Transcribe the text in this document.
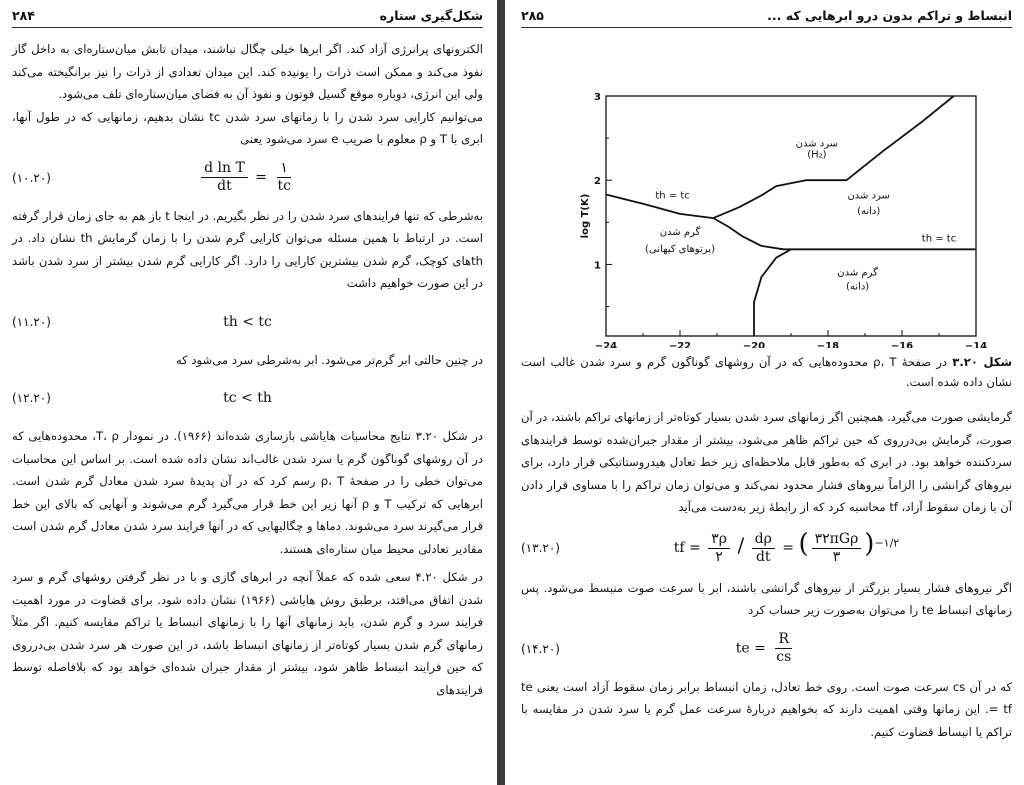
شکل‌گیری ستاره
۲۸۴

الکترونهای پرانرژی آزاد کند. اگر ابرها خیلی چگال نباشند، میدان تابش میان‌ستاره‌ای به داخل گاز نفوذ می‌کند و ممکن است ذرات را یونیده کند. این میدان تعدادی از ذرات را نیز برانگیخته می‌کند ولی این انرژی، دوباره موقع گسیل فوتون و نفوذ آن به فضای میان‌ستاره‌ای تلف می‌شود.

می‌توانیم کارایی سرد شدن را با زمانهای سرد شدن tc نشان بدهیم، زمانهایی که در طول آنها، ابری با T و ρ معلوم با ضریب e سرد می‌شود یعنی

(۱۰.۲۰)	$\frac{\text{d ln T}}{dt} = \frac{۱}{tc}$

به‌شرطی که تنها فرایندهای سرد شدن را در نظر بگیریم. در اینجا t باز هم به جای زمان قرار گرفته است. در ارتباط با همین مسئله می‌توان کارایی گرم شدن را با زمان گرمایش th نشان داد. در th‌های کوچک، گرم شدن بیشترین کارایی را دارد. اگر کارایی گرم شدن بیشتر از سرد شدن باشد در این صورت خواهیم داشت

(۱۱.۲۰)	th < tc

در چنین حالتی ابر گرم‌تر می‌شود. ابر به‌شرطی سرد می‌شود که

(۱۲.۲۰)	tc < th

در شکل ۳.۲۰ نتایج محاسبات هایاشی بازسازی شده‌اند (۱۹۶۶). در نمودار T، ρ، محدوده‌هایی که در آن روشهای گوناگون گرم یا سرد شدن غالب‌اند نشان داده شده است. بر اساس این محاسبات می‌توان خطی را در صفحهٔ ρ، T رسم کرد که در آن پدیدهٔ سرد شدن معادل گرم شدن است. ابرهایی که ترکیب T و ρ آنها زیر این خط قرار می‌گیرد گرم می‌شوند و آنهایی که بالای این خط قرار می‌گیرند سرد می‌شوند. دماها و چگالیهایی که در آنها فرایند سرد شدن معادل گرم شدن است مقادیر تعادلی محیط میان ستاره‌ای هستند.

در شکل ۴.۲۰ سعی شده که عملاً آنچه در ابرهای گازی و با در نظر گرفتن روشهای گرم و سرد شدن اتفاق می‌افتد، برطبق روش هایاشی (۱۹۶۶) نشان داده شود. برای قضاوت در مورد اهمیت فرایند سرد و گرم شدن، باید زمانهای آنها را با زمانهای انبساط یا تراکم مقایسه کنیم. اگر مثلاً زمانهای گرم شدن بسیار کوتاه‌تر از زمانهای انبساط باشد، در این صورت هر سرد شدن بی‌درروی که حین فرایند انبساط ظاهر شود، بیشتر از مقدار جبران شده‌ای خواهد بود که بلافاصله توسط فرایندهای

انبساط و تراکم بدون درو ابرهایی که ...
۲۸۵
−24	−22	−20	−18	−16	−14
1
2
3
log T(K)
سرد شدن
(H₂)
th = tc	سرد شدن
(دانه)
گرم شدن
(پرتوهای کیهانی)
th = tc
گرم شدن
(دانه)

شکل ۳.۲۰ در صفحهٔ ρ، T محدوده‌هایی که در آن روشهای گوناگون گرم و سرد شدن غالب است نشان داده شده است.

گرمایشی صورت می‌گیرد. همچنین اگر زمانهای سرد شدن بسیار کوتاه‌تر از زمانهای تراکم باشند، در آن صورت، گرمایش بی‌درروی که حین تراکم ظاهر می‌شود، بیشتر از مقدار جبران‌شده توسط فرایندهای سردکننده خواهد بود. در ابری که به‌طور قابل ملاحظه‌ای زیر خط تعادل هیدروستاتیکی قرار دارد، برای نیروهای گرانشی را الزاماً نیروهای فشار محدود نمی‌کند و می‌توان زمان تراکم را با مساوی قرار دادن آن با زمان سقوط آزاد، tf محاسبه کرد که از رابطهٔ زیر به‌دست می‌آید

(۱۳.۲۰)	tf = $\frac{۳\rho}{۲} / \frac{d\rho}{dt}$ = ( $\frac{\text{۳۲πGρ}}{۳} )^{-۱/۲}$

اگر نیروهای فشار بسیار بزرگتر از نیروهای گرانشی باشند، ابر با سرعت صوت منبسط می‌شود. پس زمانهای انبساط te را می‌توان به‌صورت زیر حساب کرد

(۱۴.۲۰)	te = $\frac{R}{cs}$

که در آن cs سرعت صوت است. روی خط تعادل، زمان انبساط برابر زمان سقوط آزاد است یعنی te = tf. این زمانها وقتی اهمیت دارند که بخواهیم دربارهٔ سرعت عمل گرم یا سرد شدن در مقایسه با تراکم یا انبساط قضاوت کنیم.
